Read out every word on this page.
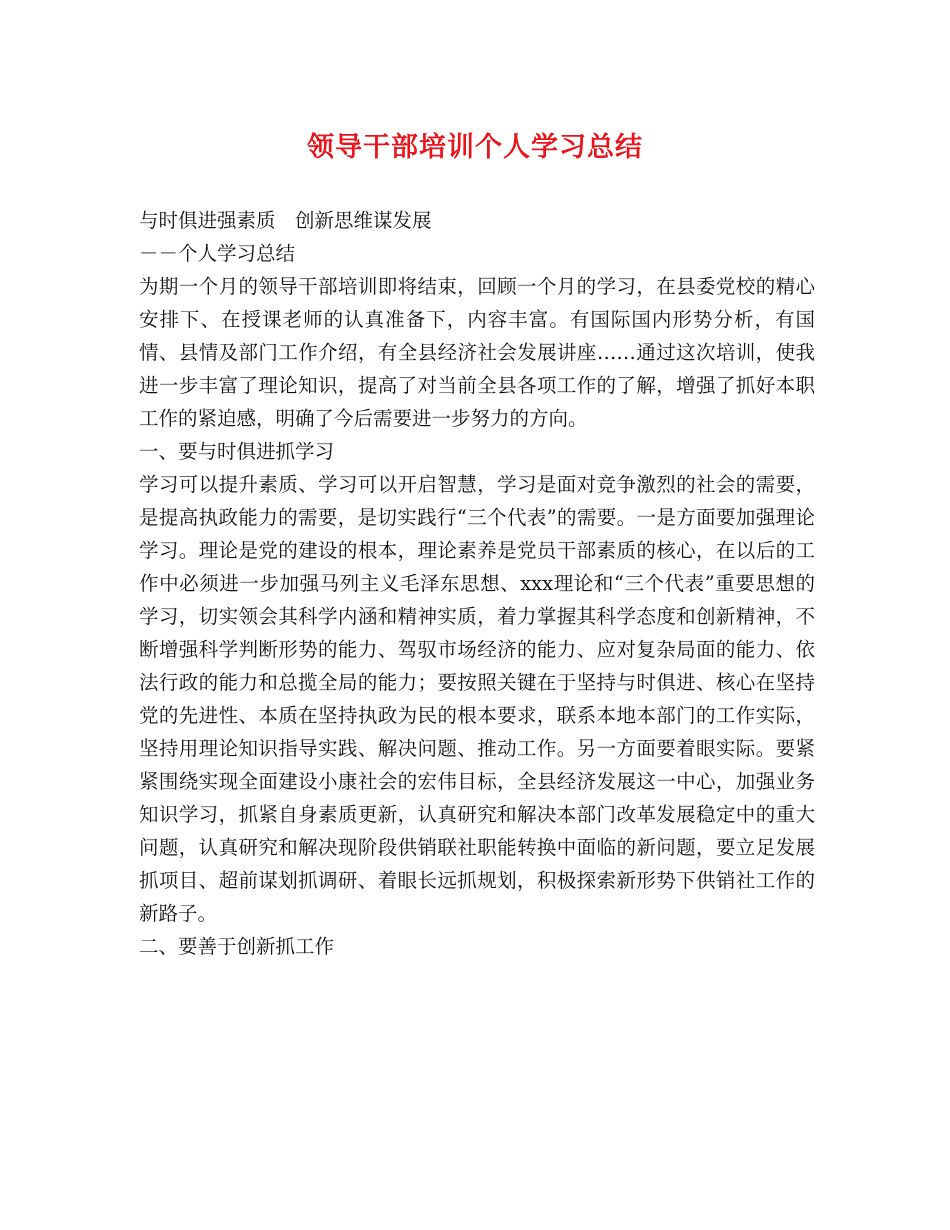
领导干部培训个人学习总结
与时俱进强素质　创新思维谋发展
－－个人学习总结

为期一个月的领导干部培训即将结束，回顾一个月的学习，在县委党校的精心安排下、在授课老师的认真准备下，内容丰富。有国际国内形势分析，有国情、县情及部门工作介绍，有全县经济社会发展讲座……通过这次培训，使我进一步丰富了理论知识，提高了对当前全县各项工作的了解，增强了抓好本职工作的紧迫感，明确了今后需要进一步努力的方向。

一、要与时俱进抓学习

学习可以提升素质、学习可以开启智慧，学习是面对竞争激烈的社会的需要，是提高执政能力的需要，是切实践行“三个代表”的需要。一是方面要加强理论学习。理论是党的建设的根本，理论素养是党员干部素质的核心，在以后的工作中必须进一步加强马列主义毛泽东思想、xxx理论和“三个代表”重要思想的学习，切实领会其科学内涵和精神实质，着力掌握其科学态度和创新精神，不断增强科学判断形势的能力、驾驭市场经济的能力、应对复杂局面的能力、依法行政的能力和总揽全局的能力；要按照关键在于坚持与时俱进、核心在坚持党的先进性、本质在坚持执政为民的根本要求，联系本地本部门的工作实际，坚持用理论知识指导实践、解决问题、推动工作。另一方面要着眼实际。要紧紧围绕实现全面建设小康社会的宏伟目标，全县经济发展这一中心，加强业务知识学习，抓紧自身素质更新，认真研究和解决本部门改革发展稳定中的重大问题，认真研究和解决现阶段供销联社职能转换中面临的新问题，要立足发展抓项目、超前谋划抓调研、着眼长远抓规划，积极探索新形势下供销社工作的新路子。

二、要善于创新抓工作
